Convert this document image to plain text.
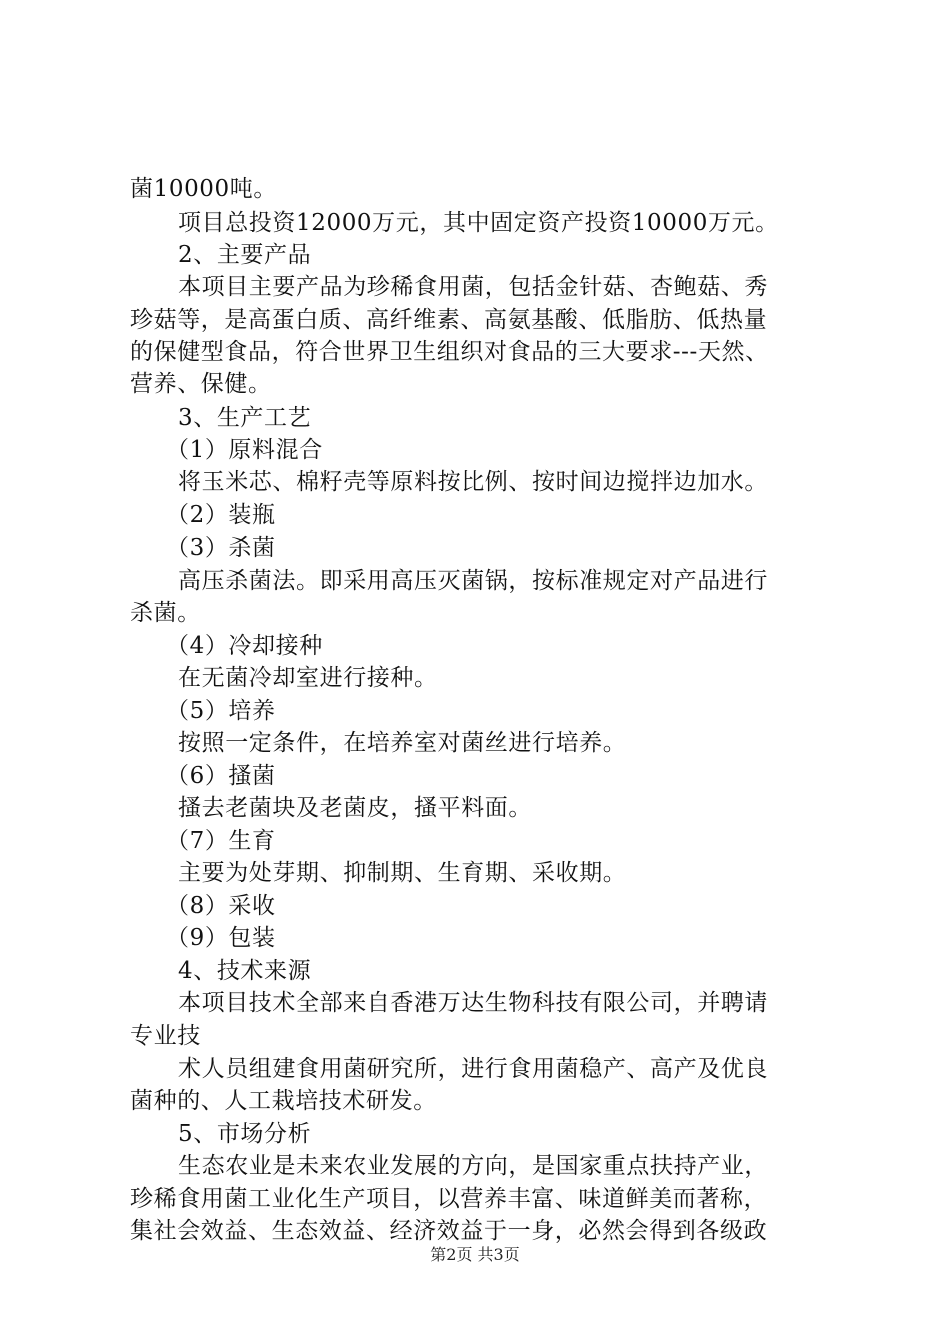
菌10000吨。
项目总投资12000万元，其中固定资产投资10000万元。
2、主要产品
本项目主要产品为珍稀食用菌，包括金针菇、杏鲍菇、秀
珍菇等，是高蛋白质、高纤维素、高氨基酸、低脂肪、低热量
的保健型食品，符合世界卫生组织对食品的三大要求---天然、
营养、保健。
3、生产工艺
（1）原料混合
将玉米芯、棉籽壳等原料按比例、按时间边搅拌边加水。
（2）装瓶
（3）杀菌
高压杀菌法。即采用高压灭菌锅，按标准规定对产品进行
杀菌。
（4）冷却接种
在无菌冷却室进行接种。
（5）培养
按照一定条件，在培养室对菌丝进行培养。
（6）搔菌
搔去老菌块及老菌皮，搔平料面。
（7）生育
主要为处芽期、抑制期、生育期、采收期。
（8）采收
（9）包装
4、技术来源
本项目技术全部来自香港万达生物科技有限公司，并聘请
专业技
术人员组建食用菌研究所，进行食用菌稳产、高产及优良
菌种的、人工栽培技术研发。
5、市场分析
生态农业是未来农业发展的方向，是国家重点扶持产业，
珍稀食用菌工业化生产项目，以营养丰富、味道鲜美而著称，
集社会效益、生态效益、经济效益于一身，必然会得到各级政
第2页 共3页
